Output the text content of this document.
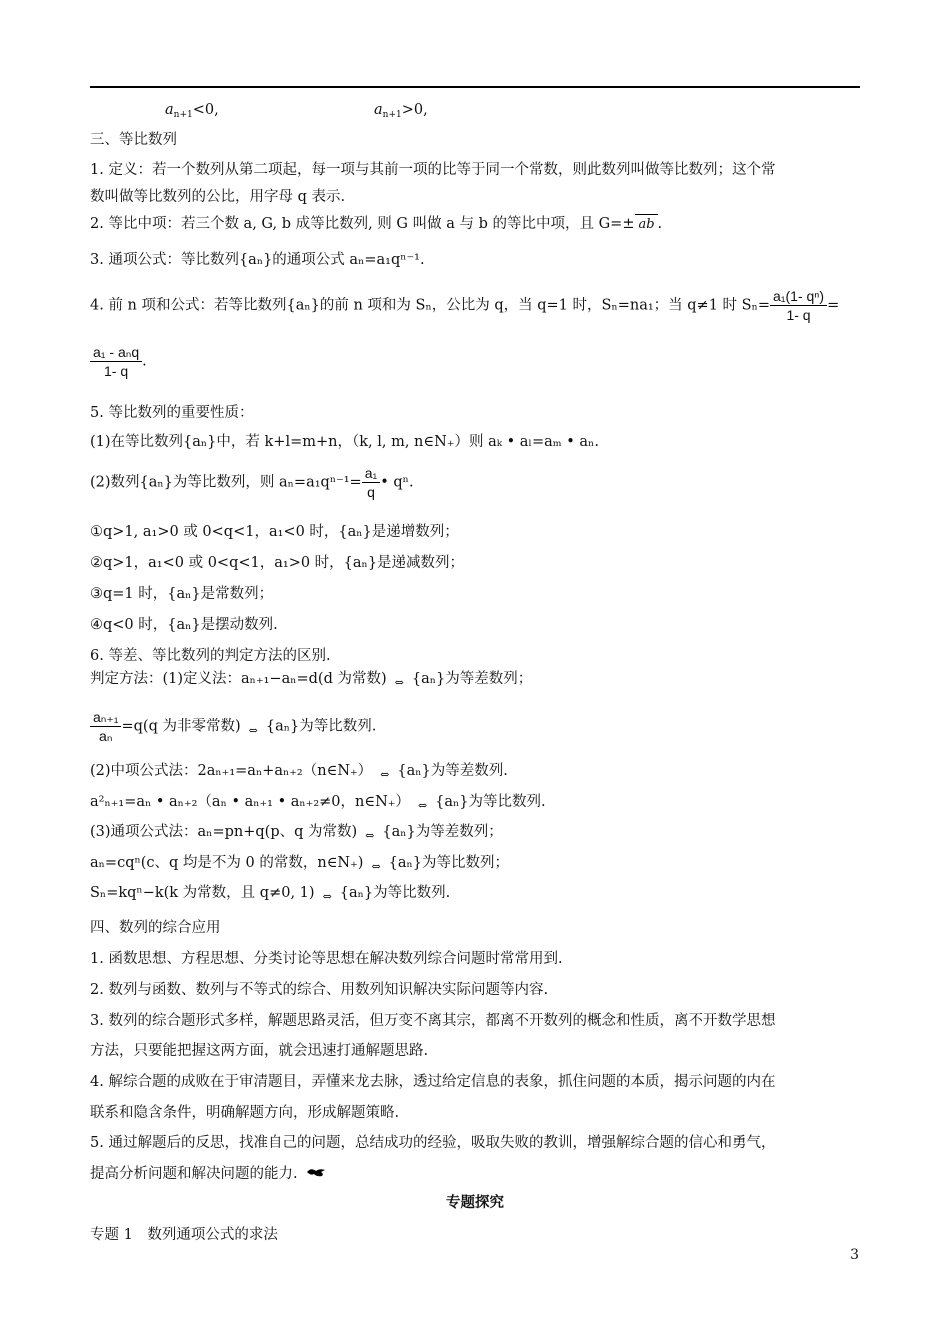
$a_{n+1}<0$,	$a_{n+1}>0$,
三、等比数列
1. 定义：若一个数列从第二项起，每一项与其前一项的比等于同一个常数，则此数列叫做等比数列；这个常
数叫做等比数列的公比，用字母 q 表示.
2. 等比中项：若三个数 a, G, b 成等比数列, 则 G 叫做 a 与 b 的等比中项，且 G=± ab .
3. 通项公式：等比数列{aₙ}的通项公式 aₙ=a₁qⁿ⁻¹.
4. 前 n 项和公式：若等比数列{aₙ}的前 n 项和为 Sₙ，公比为 q，当 q=1 时，Sₙ=na₁；当 q≠1 时 $S_n= \frac{\text{a₁(1- qⁿ)}}{1- q}$ =
$\frac{\text{a₁ - aₙq}}{1- q}$ .
5. 等比数列的重要性质：
(1)在等比数列{aₙ}中，若 k+l=m+n，（k, l, m, n∈N₊）则 aₖ • aₗ=aₘ • aₙ.
(2)数列{aₙ}为等比数列，则 $a_n=a_1q^{n-1}= \frac{\text{a₁}}{q}$ • qⁿ.
①q>1, a₁>0 或 0<q<1，a₁<0 时，{aₙ}是递增数列；
②q>1，a₁<0 或 0<q<1，a₁>0 时，{aₙ}是递减数列；
③q=1 时，{aₙ}是常数列；
④q<0 时，{aₙ}是摆动数列.
6. 等差、等比数列的判定方法的区别.
判定方法：(1)定义法：aₙ₊₁−aₙ=d(d 为常数) $_\Leftrightarrow$ {aₙ}为等差数列；
$\frac{\text{aₙ₊₁}}{\text{aₙ}} =q(q$ 为非零常数) $_\Leftrightarrow$ {aₙ}为等比数列.
(2)中项公式法：2aₙ₊₁=aₙ+aₙ₊₂（n∈N₊） $_\Leftrightarrow$ {aₙ}为等差数列.
a²ₙ₊₁=aₙ • aₙ₊₂（aₙ • aₙ₊₁ • aₙ₊₂≠0，n∈N₊） $_\Leftrightarrow$ {aₙ}为等比数列.
(3)通项公式法：aₙ=pn+q(p、q 为常数) $_\Leftrightarrow$ {aₙ}为等差数列；
aₙ=cqⁿ(c、q 均是不为 0 的常数，n∈N₊) $_\Leftrightarrow$ {aₙ}为等比数列；
Sₙ=kqⁿ−k(k 为常数，且 q≠0, 1) $_\Leftrightarrow$ {aₙ}为等比数列.
四、数列的综合应用
1. 函数思想、方程思想、分类讨论等思想在解决数列综合问题时常常用到.
2. 数列与函数、数列与不等式的综合、用数列知识解决实际问题等内容.
3. 数列的综合题形式多样，解题思路灵活，但万变不离其宗，都离不开数列的概念和性质，离不开数学思想
方法，只要能把握这两方面，就会迅速打通解题思路.
4. 解综合题的成败在于审清题目，弄懂来龙去脉，透过给定信息的表象，抓住问题的本质，揭示问题的内在
联系和隐含条件，明确解题方向，形成解题策略.
5. 通过解题后的反思，找准自己的问题，总结成功的经验，吸取失败的教训，增强解综合题的信心和勇气，
提高分析问题和解决问题的能力.
专题探究
专题 1　数列通项公式的求法
3
